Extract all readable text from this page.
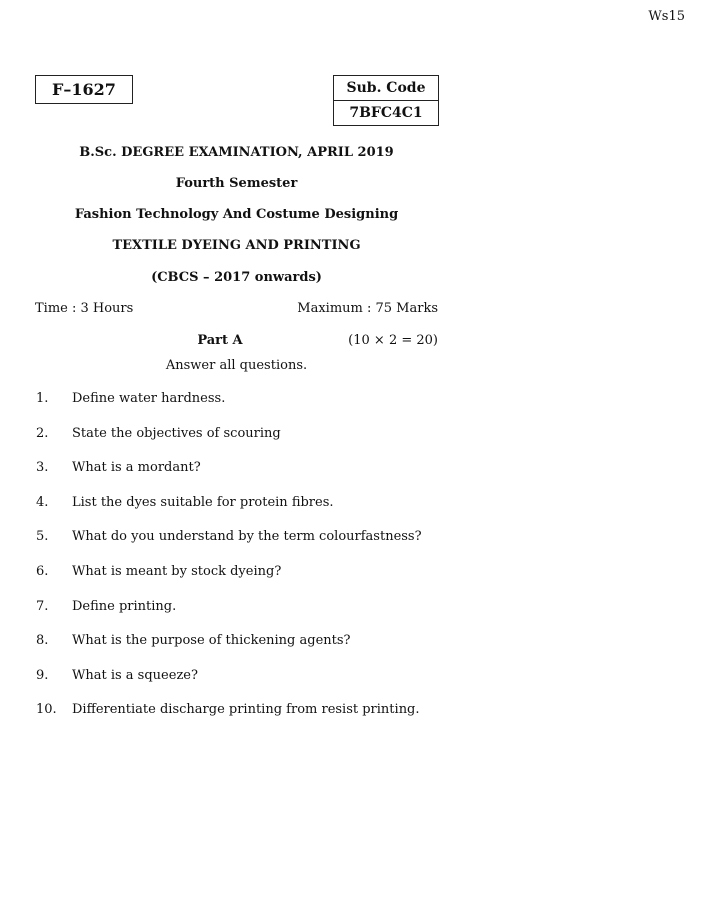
Ws15
F–1627	Sub. Code
7BFC4C1
B.Sc. DEGREE EXAMINATION, APRIL 2019
Fourth Semester
Fashion Technology And Costume Designing
TEXTILE DYEING AND PRINTING
(CBCS – 2017 onwards)
Time : 3 Hours	Maximum : 75 Marks
Part A	(10 × 2 = 20)
Answer all questions.
1.	Define water hardness.
2.	State the objectives of scouring
3.	What is a mordant?
4.	List the dyes suitable for protein fibres.
5.	What do you understand by the term colourfastness?
6.	What is meant by stock dyeing?
7.	Define printing.
8.	What is the purpose of thickening agents?
9.	What is a squeeze?
10.	Differentiate discharge printing from resist printing.
